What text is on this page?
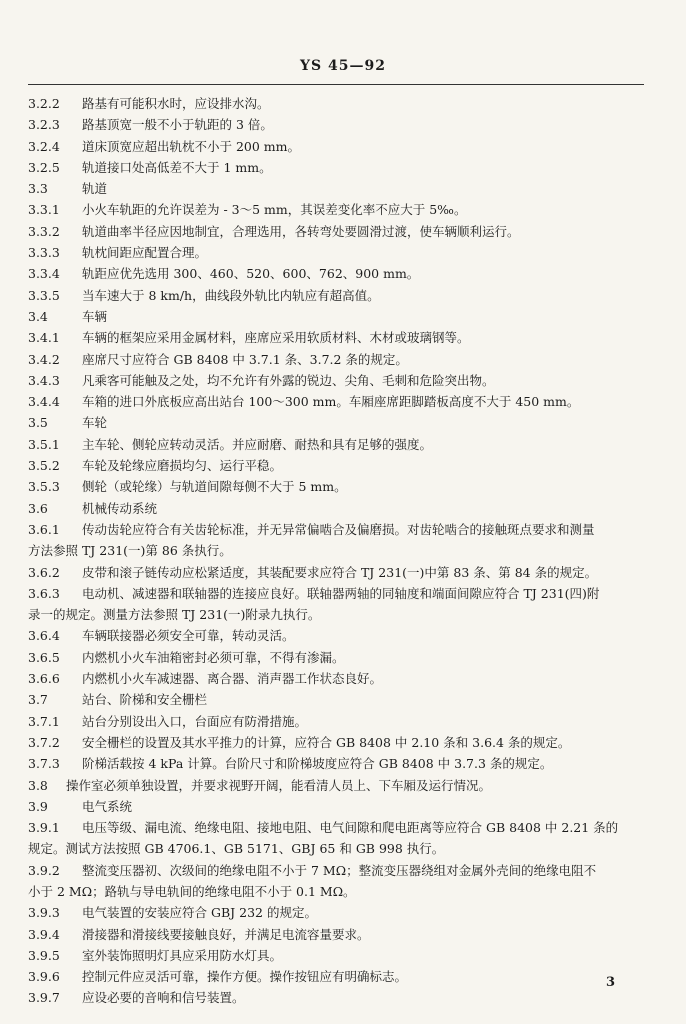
YS 45—92
3.2.2	路基有可能积水时，应设排水沟。
3.2.3	路基顶宽一般不小于轨距的 3 倍。
3.2.4	道床顶宽应超出轨枕不小于 200 mm。
3.2.5	轨道接口处高低差不大于 1 mm。
3.3	轨道
3.3.1	小火车轨距的允许误差为 - 3～5 mm，其误差变化率不应大于 5‰。
3.3.2	轨道曲率半径应因地制宜，合理选用，各转弯处要圆滑过渡，使车辆顺利运行。
3.3.3	轨枕间距应配置合理。
3.3.4	轨距应优先选用 300、460、520、600、762、900 mm。
3.3.5	当车速大于 8 km/h，曲线段外轨比内轨应有超高值。
3.4	车辆
3.4.1	车辆的框架应采用金属材料，座席应采用软质材料、木材或玻璃钢等。
3.4.2	座席尺寸应符合 GB 8408 中 3.7.1 条、3.7.2 条的规定。
3.4.3	凡乘客可能触及之处，均不允许有外露的锐边、尖角、毛刺和危险突出物。
3.4.4	车箱的进口外底板应高出站台 100～300 mm。车厢座席距脚踏板高度不大于 450 mm。
3.5	车轮
3.5.1	主车轮、侧轮应转动灵活。并应耐磨、耐热和具有足够的强度。
3.5.2	车轮及轮缘应磨损均匀、运行平稳。
3.5.3	侧轮（或轮缘）与轨道间隙每侧不大于 5 mm。
3.6	机械传动系统
3.6.1	传动齿轮应符合有关齿轮标准，并无异常偏啮合及偏磨损。对齿轮啮合的接触斑点要求和测量
方法参照 TJ 231(一)第 86 条执行。
3.6.2	皮带和滚子链传动应松紧适度，其装配要求应符合 TJ 231(一)中第 83 条、第 84 条的规定。
3.6.3	电动机、减速器和联轴器的连接应良好。联轴器两轴的同轴度和端面间隙应符合 TJ 231(四)附
录一的规定。测量方法参照 TJ 231(一)附录九执行。
3.6.4	车辆联接器必须安全可靠，转动灵活。
3.6.5	内燃机小火车油箱密封必须可靠，不得有渗漏。
3.6.6	内燃机小火车减速器、离合器、消声器工作状态良好。
3.7	站台、阶梯和安全栅栏
3.7.1	站台分别设出入口，台面应有防滑措施。
3.7.2	安全栅栏的设置及其水平推力的计算，应符合 GB 8408 中 2.10 条和 3.6.4 条的规定。
3.7.3	阶梯活载按 4 kPa 计算。台阶尺寸和阶梯坡度应符合 GB 8408 中 3.7.3 条的规定。
3.8	操作室必须单独设置，并要求视野开阔，能看清人员上、下车厢及运行情况。
3.9	电气系统
3.9.1	电压等级、漏电流、绝缘电阻、接地电阻、电气间隙和爬电距离等应符合 GB 8408 中 2.21 条的
规定。测试方法按照 GB 4706.1、GB 5171、GBJ 65 和 GB 998 执行。
3.9.2	整流变压器初、次级间的绝缘电阻不小于 7 MΩ；整流变压器绕组对金属外壳间的绝缘电阻不
小于 2 MΩ；路轨与导电轨间的绝缘电阻不小于 0.1 MΩ。
3.9.3	电气装置的安装应符合 GBJ 232 的规定。
3.9.4	滑接器和滑接线要接触良好，并满足电流容量要求。
3.9.5	室外装饰照明灯具应采用防水灯具。
3.9.6	控制元件应灵活可靠，操作方便。操作按钮应有明确标志。
3.9.7	应设必要的音响和信号装置。
3
